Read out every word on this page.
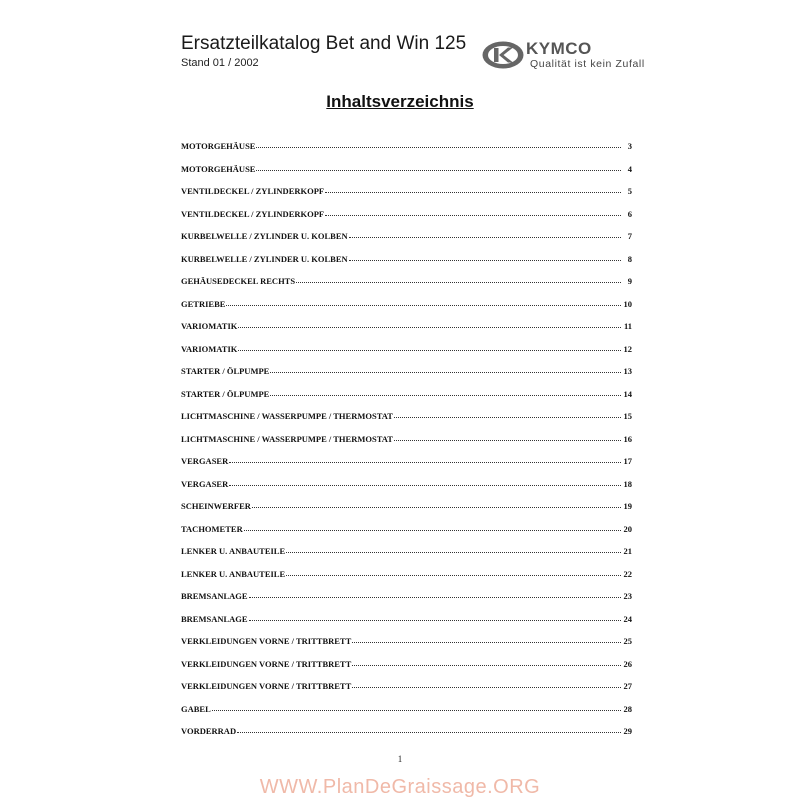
Ersatzteilkatalog Bet and Win 125
Stand 01 / 2002
KYMCO
Qualität ist kein Zufall
Inhaltsverzeichnis
MOTORGEHÄUSE	3
MOTORGEHÄUSE	4
VENTILDECKEL / ZYLINDERKOPF	5
VENTILDECKEL / ZYLINDERKOPF	6
KURBELWELLE / ZYLINDER U. KOLBEN	7
KURBELWELLE / ZYLINDER U. KOLBEN	8
GEHÄUSEDECKEL RECHTS	9
GETRIEBE	10
VARIOMATIK	11
VARIOMATIK	12
STARTER / ÖLPUMPE	13
STARTER / ÖLPUMPE	14
LICHTMASCHINE / WASSERPUMPE / THERMOSTAT	15
LICHTMASCHINE / WASSERPUMPE / THERMOSTAT	16
VERGASER	17
VERGASER	18
SCHEINWERFER	19
TACHOMETER	20
LENKER U. ANBAUTEILE	21
LENKER U. ANBAUTEILE	22
BREMSANLAGE	23
BREMSANLAGE	24
VERKLEIDUNGEN VORNE / TRITTBRETT	25
VERKLEIDUNGEN VORNE / TRITTBRETT	26
VERKLEIDUNGEN VORNE / TRITTBRETT	27
GABEL	28
VORDERRAD	29
1
WWW.PlanDeGraissage.ORG
